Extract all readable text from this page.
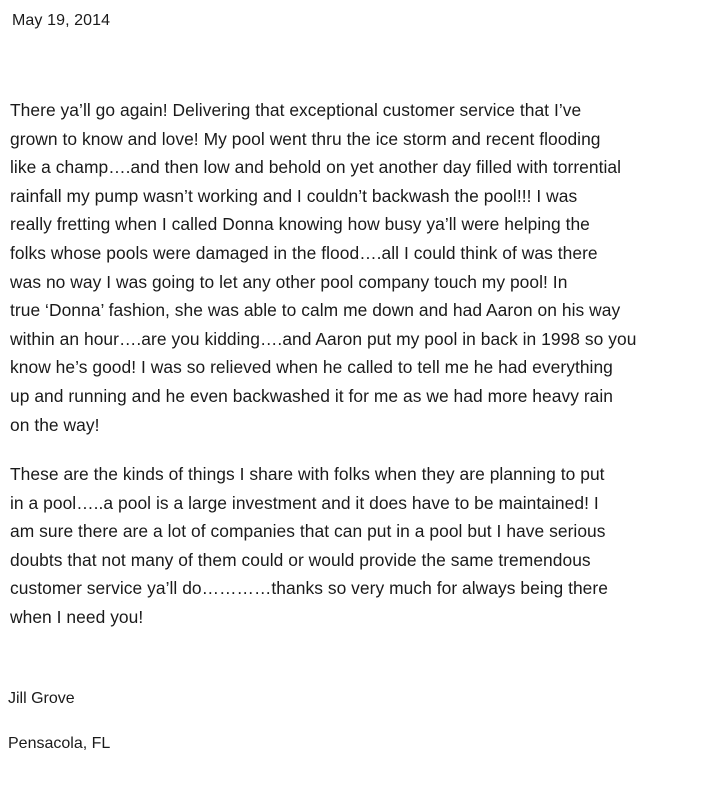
May 19, 2014

There ya’ll go again! Delivering that exceptional customer service that I’ve
grown to know and love! My pool went thru the ice storm and recent flooding
like a champ….and then low and behold on yet another day filled with torrential
rainfall my pump wasn’t working and I couldn’t backwash the pool!!! I was
really fretting when I called Donna knowing how busy ya’ll were helping the
folks whose pools were damaged in the flood….all I could think of was there
was no way I was going to let any other pool company touch my pool! In
true ‘Donna’ fashion, she was able to calm me down and had Aaron on his way
within an hour….are you kidding….and Aaron put my pool in back in 1998 so you
know he’s good! I was so relieved when he called to tell me he had everything
up and running and he even backwashed it for me as we had more heavy rain
on the way!

These are the kinds of things I share with folks when they are planning to put
in a pool…..a pool is a large investment and it does have to be maintained! I
am sure there are a lot of companies that can put in a pool but I have serious
doubts that not many of them could or would provide the same tremendous
customer service ya’ll do…………thanks so very much for always being there
when I need you!

Jill Grove
Pensacola, FL
